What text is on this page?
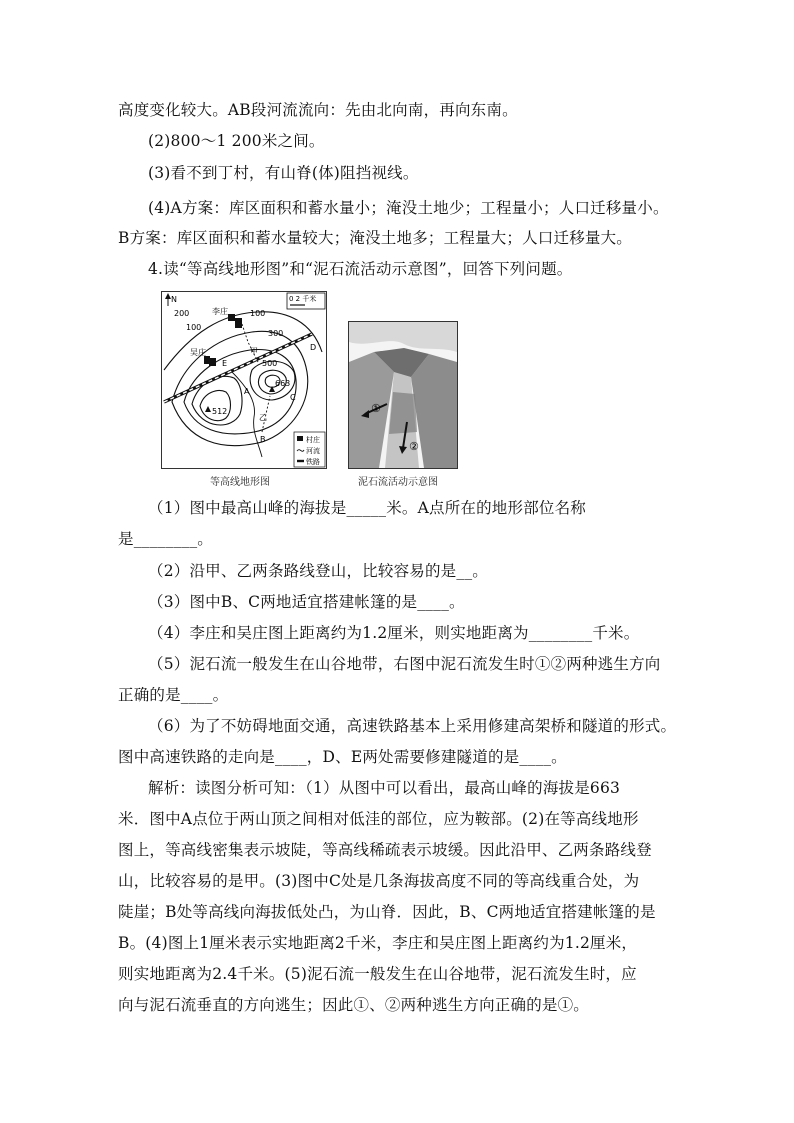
高度变化较大。AB段河流流向：先由北向南，再向东南。
(2)800～1 200米之间。
(3)看不到丁村，有山脊(体)阻挡视线。
(4)A方案：库区面积和蓄水量小；淹没土地少；工程量小；人口迁移量小。
B方案：库区面积和蓄水量较大；淹没土地多；工程量大；人口迁移量大。
4.读“等高线地形图”和“泥石流活动示意图”，回答下列问题。
N	0 2 千米
李庄
吴庄	甲
乙
200
100
100
300
500
663
512
A
B
C
D
E
村庄
河流
铁路
等高线地形图
①
②
泥石流活动示意图
（1）图中最高山峰的海拔是_____米。A点所在的地形部位名称
是________。
（2）沿甲、乙两条路线登山，比较容易的是__。
（3）图中B、C两地适宜搭建帐篷的是____。
（4）李庄和吴庄图上距离约为1.2厘米，则实地距离为________千米。
（5）泥石流一般发生在山谷地带，右图中泥石流发生时①②两种逃生方向
正确的是____。
（6）为了不妨碍地面交通，高速铁路基本上采用修建高架桥和隧道的形式。
图中高速铁路的走向是____，D、E两处需要修建隧道的是____。
解析：读图分析可知：（1）从图中可以看出，最高山峰的海拔是663
米．图中A点位于两山顶之间相对低洼的部位，应为鞍部。(2)在等高线地形
图上，等高线密集表示坡陡，等高线稀疏表示坡缓。因此沿甲、乙两条路线登
山，比较容易的是甲。(3)图中C处是几条海拔高度不同的等高线重合处，为
陡崖；B处等高线向海拔低处凸，为山脊．因此，B、C两地适宜搭建帐篷的是
B。(4)图上1厘米表示实地距离2千米，李庄和吴庄图上距离约为1.2厘米，
则实地距离为2.4千米。(5)泥石流一般发生在山谷地带，泥石流发生时，应
向与泥石流垂直的方向逃生；因此①、②两种逃生方向正确的是①。
